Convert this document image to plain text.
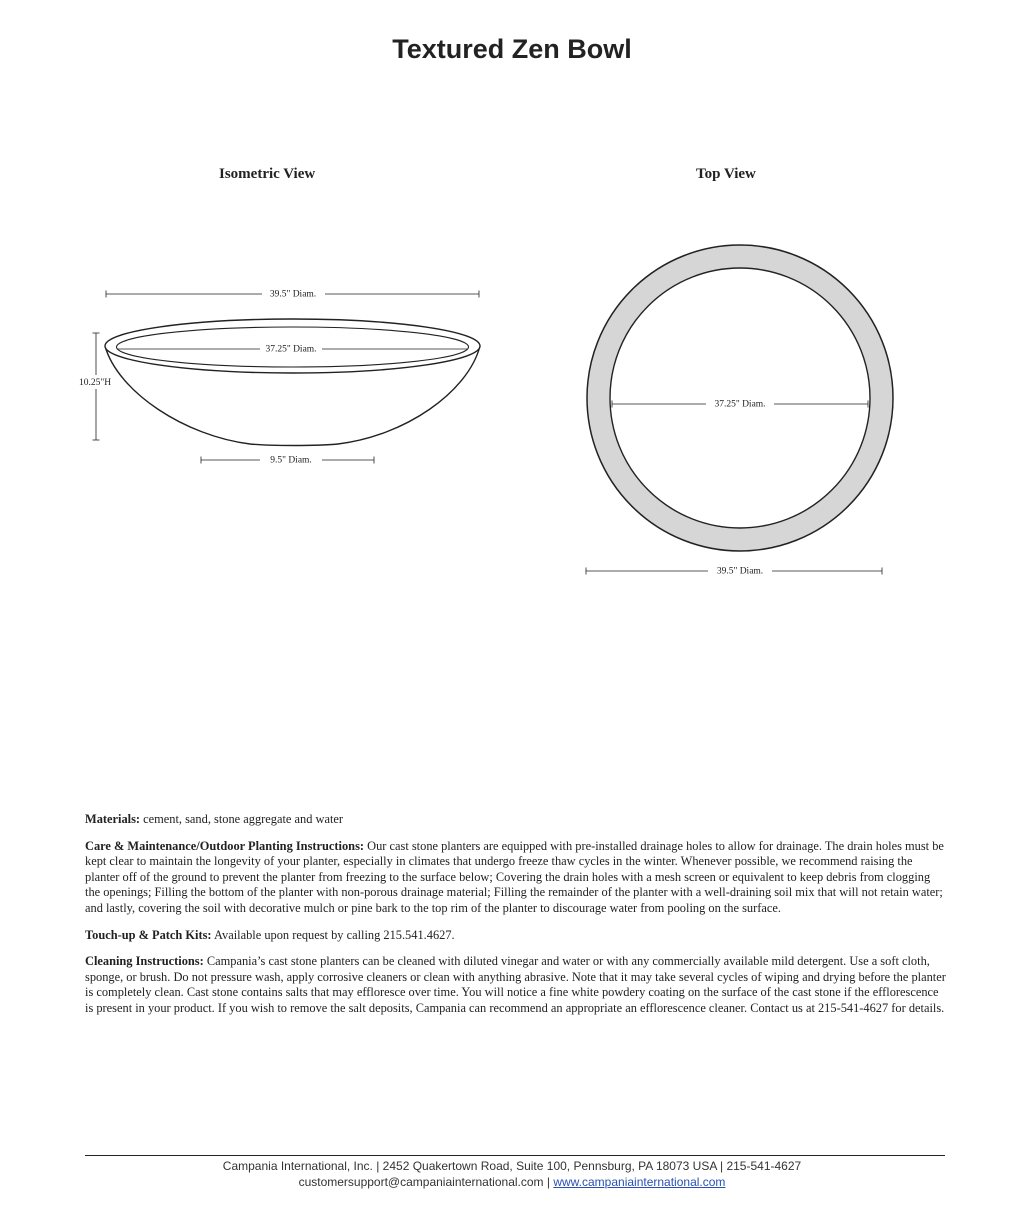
Textured Zen Bowl
Isometric View	Top View
39.5" Diam.
37.25" Diam.
10.25"H
9.5" Diam.
37.25" Diam.
39.5" Diam.

Materials: cement, sand, stone aggregate and water

Care & Maintenance/Outdoor Planting Instructions: Our cast stone planters are equipped with pre-installed drainage holes to allow for drainage. The drain holes must be kept clear to maintain the longevity of your planter, especially in climates that undergo freeze thaw cycles in the winter. Whenever possible, we recommend raising the planter off of the ground to prevent the planter from freezing to the surface below; Covering the drain holes with a mesh screen or equivalent to keep debris from clogging the openings; Filling the bottom of the planter with non-porous drainage material; Filling the remainder of the planter with a well-draining soil mix that will not retain water; and lastly, covering the soil with decorative mulch or pine bark to the top rim of the planter to discourage water from pooling on the surface.

Touch-up & Patch Kits: Available upon request by calling 215.541.4627.

Cleaning Instructions: Campania’s cast stone planters can be cleaned with diluted vinegar and water or with any commercially available mild detergent. Use a soft cloth, sponge, or brush. Do not pressure wash, apply corrosive cleaners or clean with anything abrasive. Note that it may take several cycles of wiping and drying before the planter is completely clean. Cast stone contains salts that may effloresce over time. You will notice a fine white powdery coating on the surface of the cast stone if the efflorescence is present in your product. If you wish to remove the salt deposits, Campania can recommend an appropriate an efflorescence cleaner. Contact us at 215-541-4627 for details.

Campania International, Inc. | 2452 Quakertown Road, Suite 100, Pennsburg, PA 18073 USA | 215-541-4627
customersupport@campaniainternational.com | www.campaniainternational.com
